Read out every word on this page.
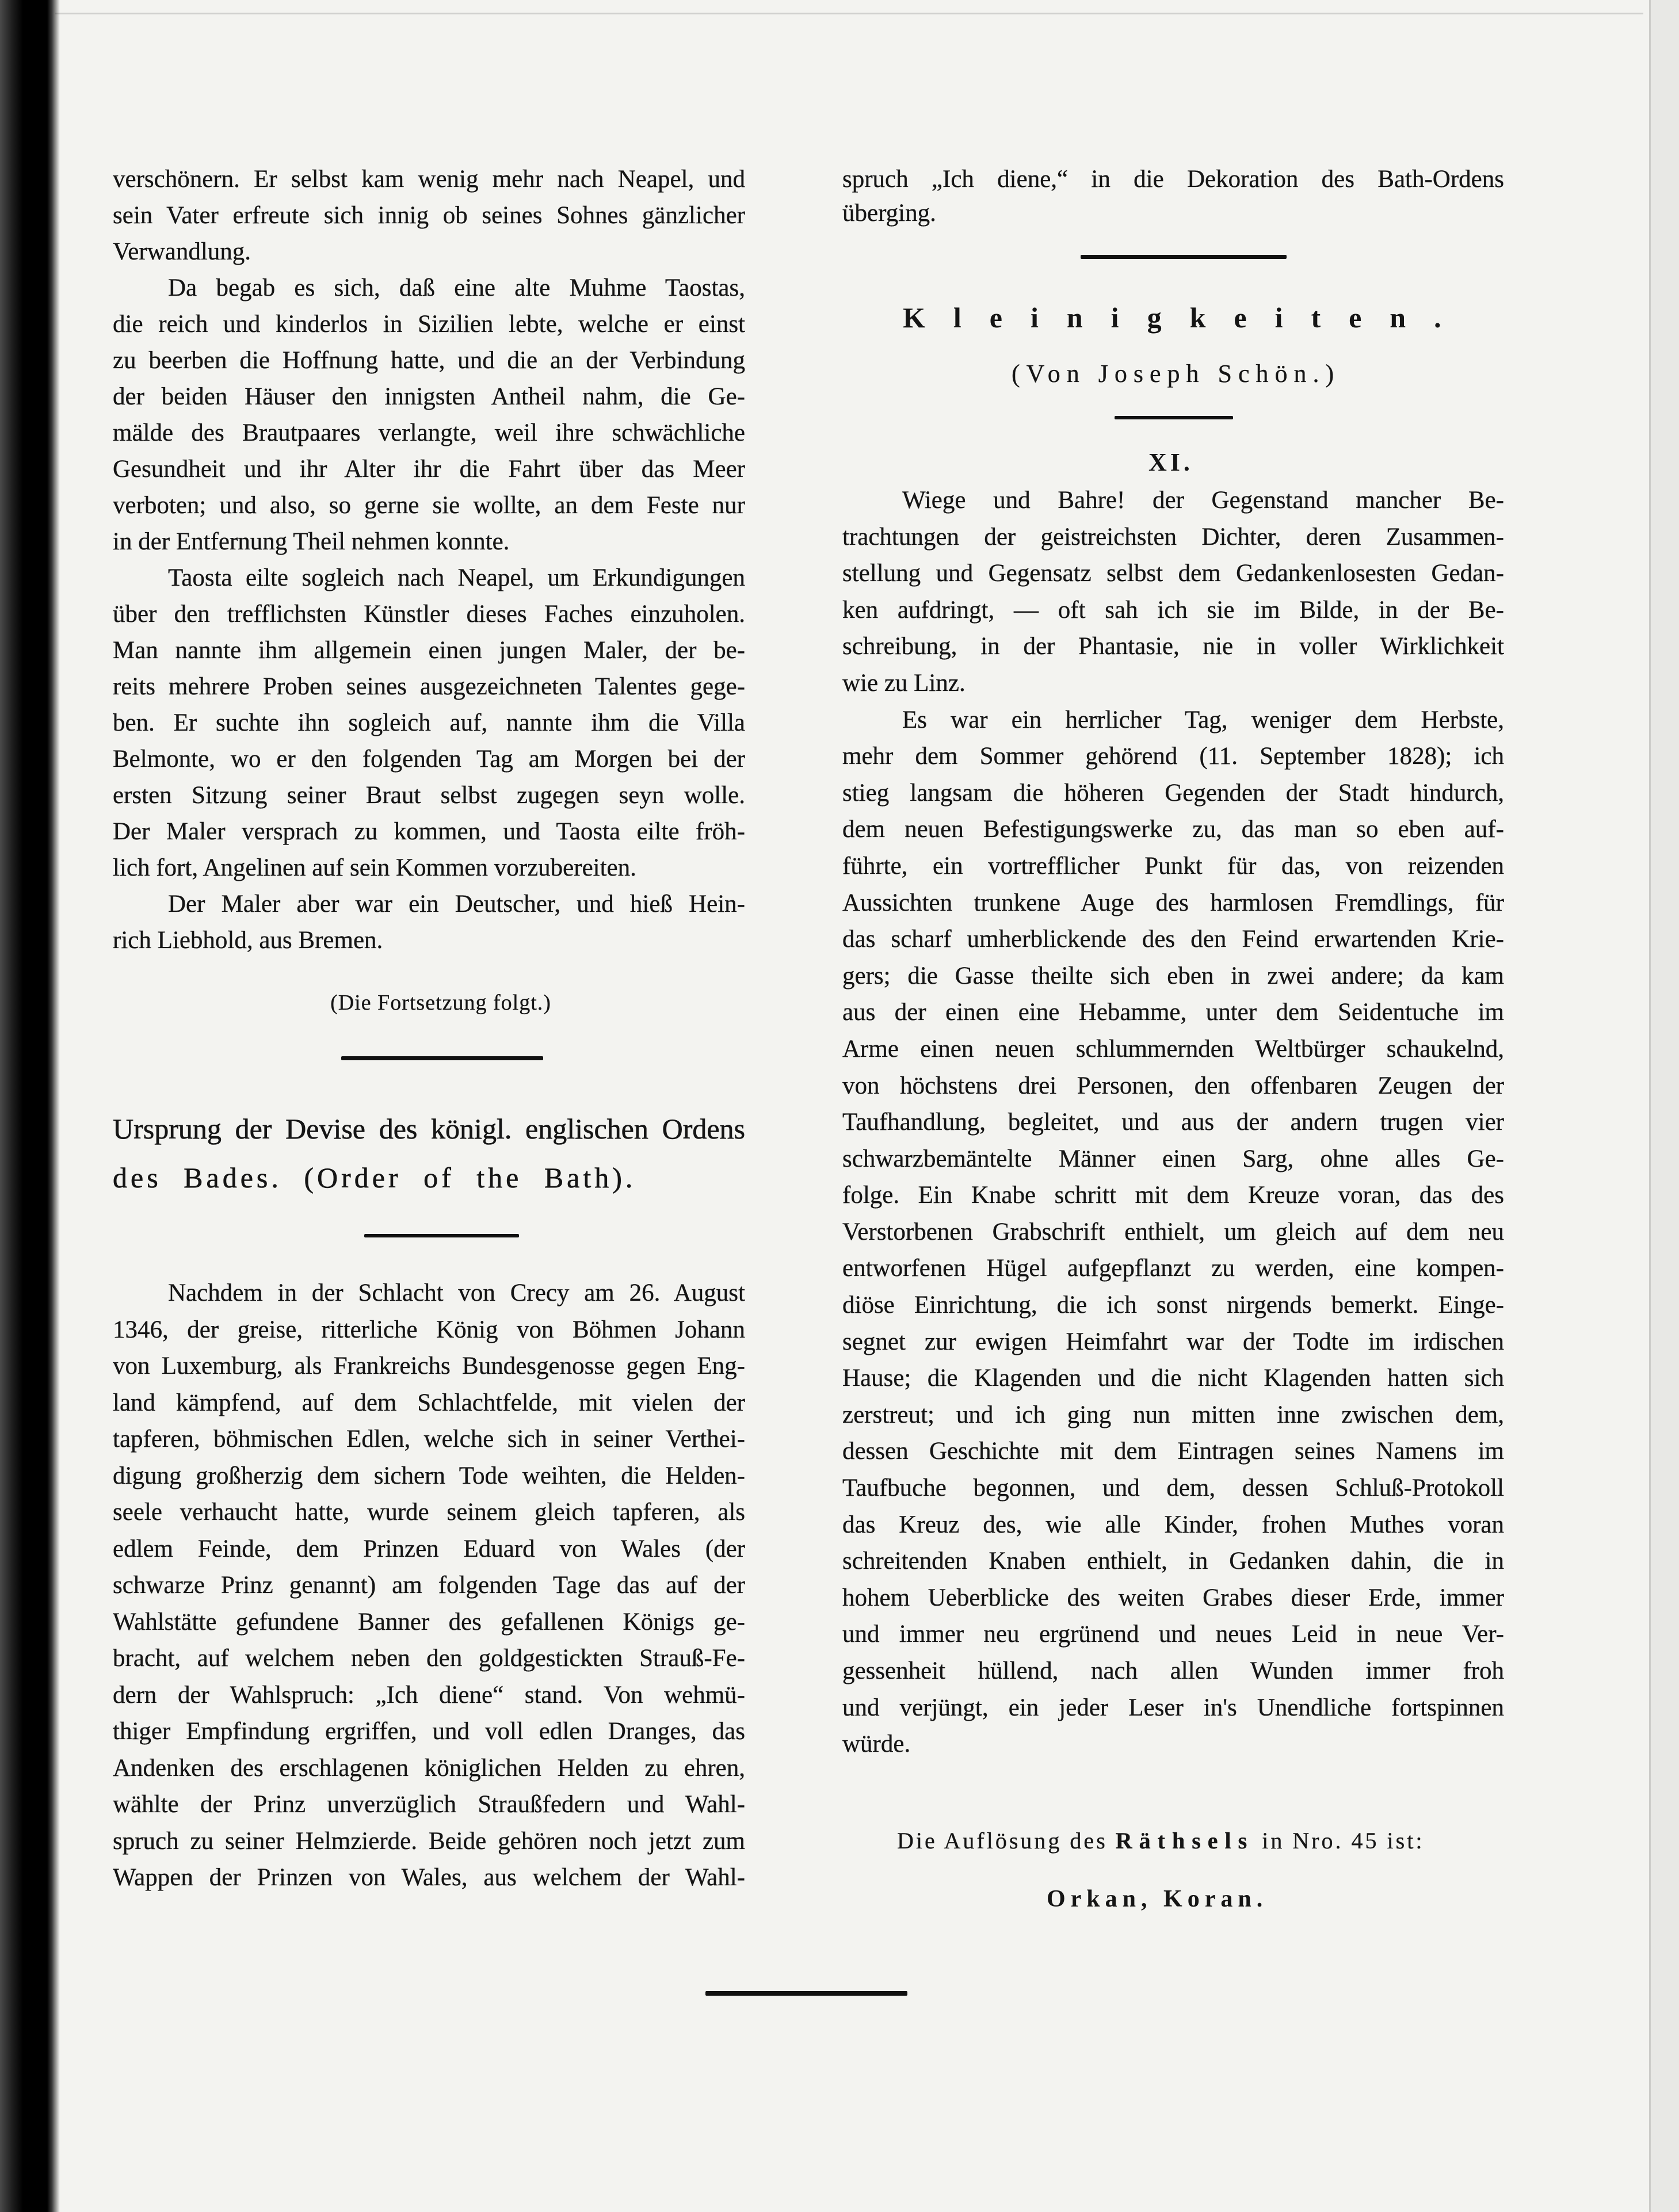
verschönern. Er selbst kam wenig mehr nach Neapel, und
sein Vater erfreute sich innig ob seines Sohnes gänzlicher
Verwandlung.
Da begab es sich, daß eine alte Muhme Taostas,
die reich und kinderlos in Sizilien lebte, welche er einst
zu beerben die Hoffnung hatte, und die an der Verbindung
der beiden Häuser den innigsten Antheil nahm, die Ge-
mälde des Brautpaares verlangte, weil ihre schwächliche
Gesundheit und ihr Alter ihr die Fahrt über das Meer
verboten; und also, so gerne sie wollte, an dem Feste nur
in der Entfernung Theil nehmen konnte.
Taosta eilte sogleich nach Neapel, um Erkundigungen
über den trefflichsten Künstler dieses Faches einzuholen.
Man nannte ihm allgemein einen jungen Maler, der be-
reits mehrere Proben seines ausgezeichneten Talentes gege-
ben. Er suchte ihn sogleich auf, nannte ihm die Villa
Belmonte, wo er den folgenden Tag am Morgen bei der
ersten Sitzung seiner Braut selbst zugegen seyn wolle.
Der Maler versprach zu kommen, und Taosta eilte fröh-
lich fort, Angelinen auf sein Kommen vorzubereiten.
Der Maler aber war ein Deutscher, und hieß Hein-
rich Liebhold, aus Bremen.
(Die Fortsetzung folgt.)
Ursprung der Devise des königl. englischen Ordens
des Bades. (Order of the Bath).
Nachdem in der Schlacht von Crecy am 26. August
1346, der greise, ritterliche König von Böhmen Johann
von Luxemburg, als Frankreichs Bundesgenosse gegen Eng-
land kämpfend, auf dem Schlachtfelde, mit vielen der
tapferen, böhmischen Edlen, welche sich in seiner Verthei-
digung großherzig dem sichern Tode weihten, die Helden-
seele verhaucht hatte, wurde seinem gleich tapferen, als
edlem Feinde, dem Prinzen Eduard von Wales (der
schwarze Prinz genannt) am folgenden Tage das auf der
Wahlstätte gefundene Banner des gefallenen Königs ge-
bracht, auf welchem neben den goldgestickten Strauß-Fe-
dern der Wahlspruch: „Ich diene“ stand. Von wehmü-
thiger Empfindung ergriffen, und voll edlen Dranges, das
Andenken des erschlagenen königlichen Helden zu ehren,
wählte der Prinz unverzüglich Straußfedern und Wahl-
spruch zu seiner Helmzierde. Beide gehören noch jetzt zum
Wappen der Prinzen von Wales, aus welchem der Wahl-
spruch „Ich diene,“ in die Dekoration des Bath-Ordens
überging.
Kleinigkeiten.
(Von Joseph Schön.)
XI.
Wiege und Bahre! der Gegenstand mancher Be-
trachtungen der geistreichsten Dichter, deren Zusammen-
stellung und Gegensatz selbst dem Gedankenlosesten Gedan-
ken aufdringt, — oft sah ich sie im Bilde, in der Be-
schreibung, in der Phantasie, nie in voller Wirklichkeit
wie zu Linz.
Es war ein herrlicher Tag, weniger dem Herbste,
mehr dem Sommer gehörend (11. September 1828); ich
stieg langsam die höheren Gegenden der Stadt hindurch,
dem neuen Befestigungswerke zu, das man so eben auf-
führte, ein vortrefflicher Punkt für das, von reizenden
Aussichten trunkene Auge des harmlosen Fremdlings, für
das scharf umherblickende des den Feind erwartenden Krie-
gers; die Gasse theilte sich eben in zwei andere; da kam
aus der einen eine Hebamme, unter dem Seidentuche im
Arme einen neuen schlummernden Weltbürger schaukelnd,
von höchstens drei Personen, den offenbaren Zeugen der
Taufhandlung, begleitet, und aus der andern trugen vier
schwarzbemäntelte Männer einen Sarg, ohne alles Ge-
folge. Ein Knabe schritt mit dem Kreuze voran, das des
Verstorbenen Grabschrift enthielt, um gleich auf dem neu
entworfenen Hügel aufgepflanzt zu werden, eine kompen-
diöse Einrichtung, die ich sonst nirgends bemerkt. Einge-
segnet zur ewigen Heimfahrt war der Todte im irdischen
Hause; die Klagenden und die nicht Klagenden hatten sich
zerstreut; und ich ging nun mitten inne zwischen dem,
dessen Geschichte mit dem Eintragen seines Namens im
Taufbuche begonnen, und dem, dessen Schluß-Protokoll
das Kreuz des, wie alle Kinder, frohen Muthes voran
schreitenden Knaben enthielt, in Gedanken dahin, die in
hohem Ueberblicke des weiten Grabes dieser Erde, immer
und immer neu ergrünend und neues Leid in neue Ver-
gessenheit hüllend, nach allen Wunden immer froh
und verjüngt, ein jeder Leser in's Unendliche fortspinnen
würde.
Die Auflösung des Räthsels in Nro. 45 ist:
Orkan, Koran.
